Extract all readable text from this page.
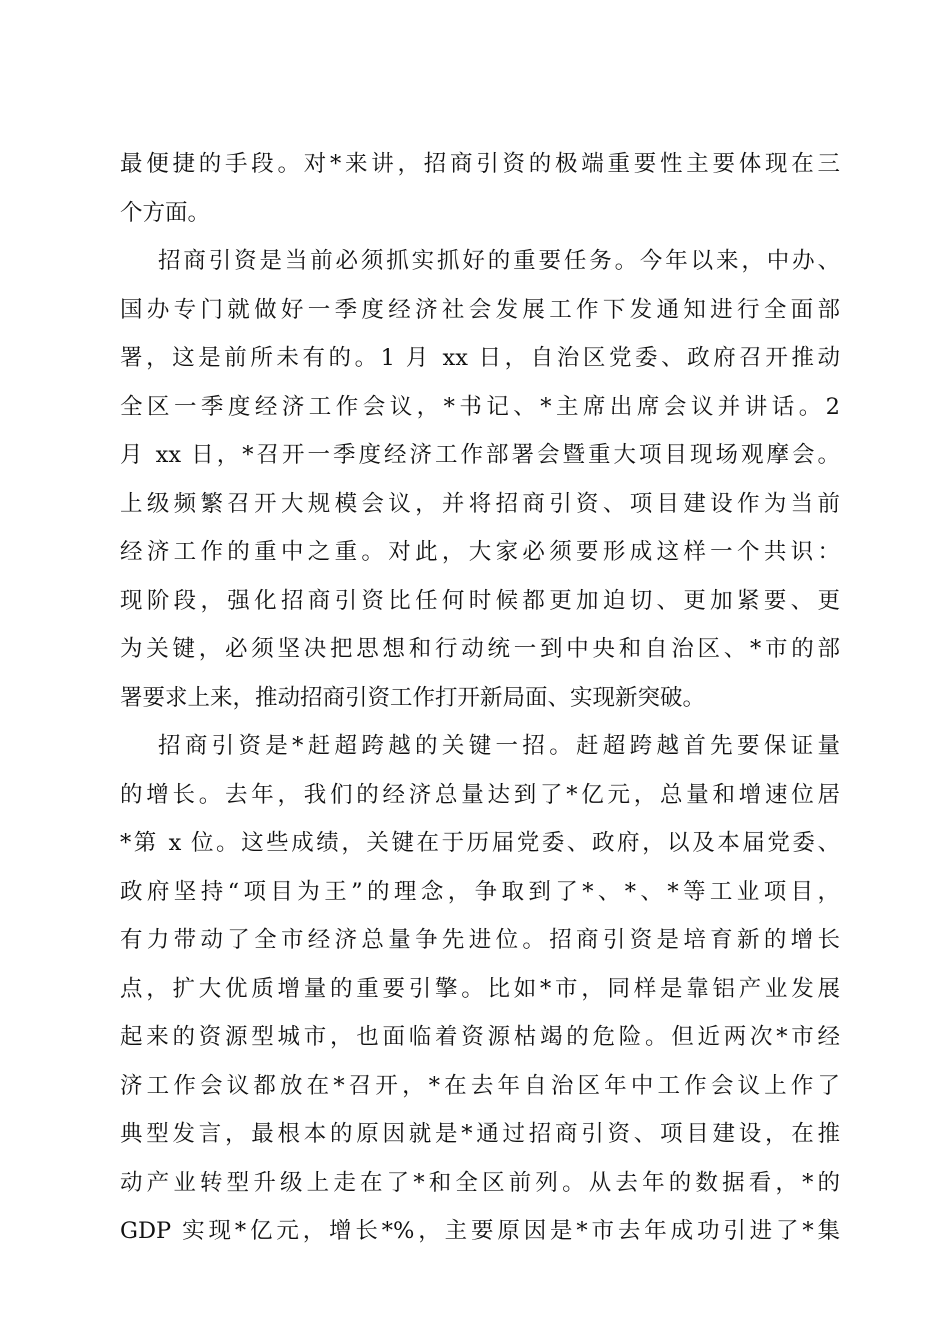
最便捷的手段。对*来讲，招商引资的极端重要性主要体现在三
个方面。
招商引资是当前必须抓实抓好的重要任务。今年以来，中办、
国办专门就做好一季度经济社会发展工作下发通知进行全面部
署，这是前所未有的。1 月 xx 日，自治区党委、政府召开推动
全区一季度经济工作会议，*书记、*主席出席会议并讲话。2
月 xx 日，*召开一季度经济工作部署会暨重大项目现场观摩会。
上级频繁召开大规模会议，并将招商引资、项目建设作为当前
经济工作的重中之重。对此，大家必须要形成这样一个共识：
现阶段，强化招商引资比任何时候都更加迫切、更加紧要、更
为关键，必须坚决把思想和行动统一到中央和自治区、*市的部
署要求上来，推动招商引资工作打开新局面、实现新突破。
招商引资是*赶超跨越的关键一招。赶超跨越首先要保证量
的增长。去年，我们的经济总量达到了*亿元，总量和增速位居
*第 x 位。这些成绩，关键在于历届党委、政府，以及本届党委、
政府坚持“项目为王”的理念，争取到了*、*、*等工业项目，
有力带动了全市经济总量争先进位。招商引资是培育新的增长
点，扩大优质增量的重要引擎。比如*市，同样是靠铝产业发展
起来的资源型城市，也面临着资源枯竭的危险。但近两次*市经
济工作会议都放在*召开，*在去年自治区年中工作会议上作了
典型发言，最根本的原因就是*通过招商引资、项目建设，在推
动产业转型升级上走在了*和全区前列。从去年的数据看，*的
GDP 实现*亿元，增长*%，主要原因是*市去年成功引进了*集
